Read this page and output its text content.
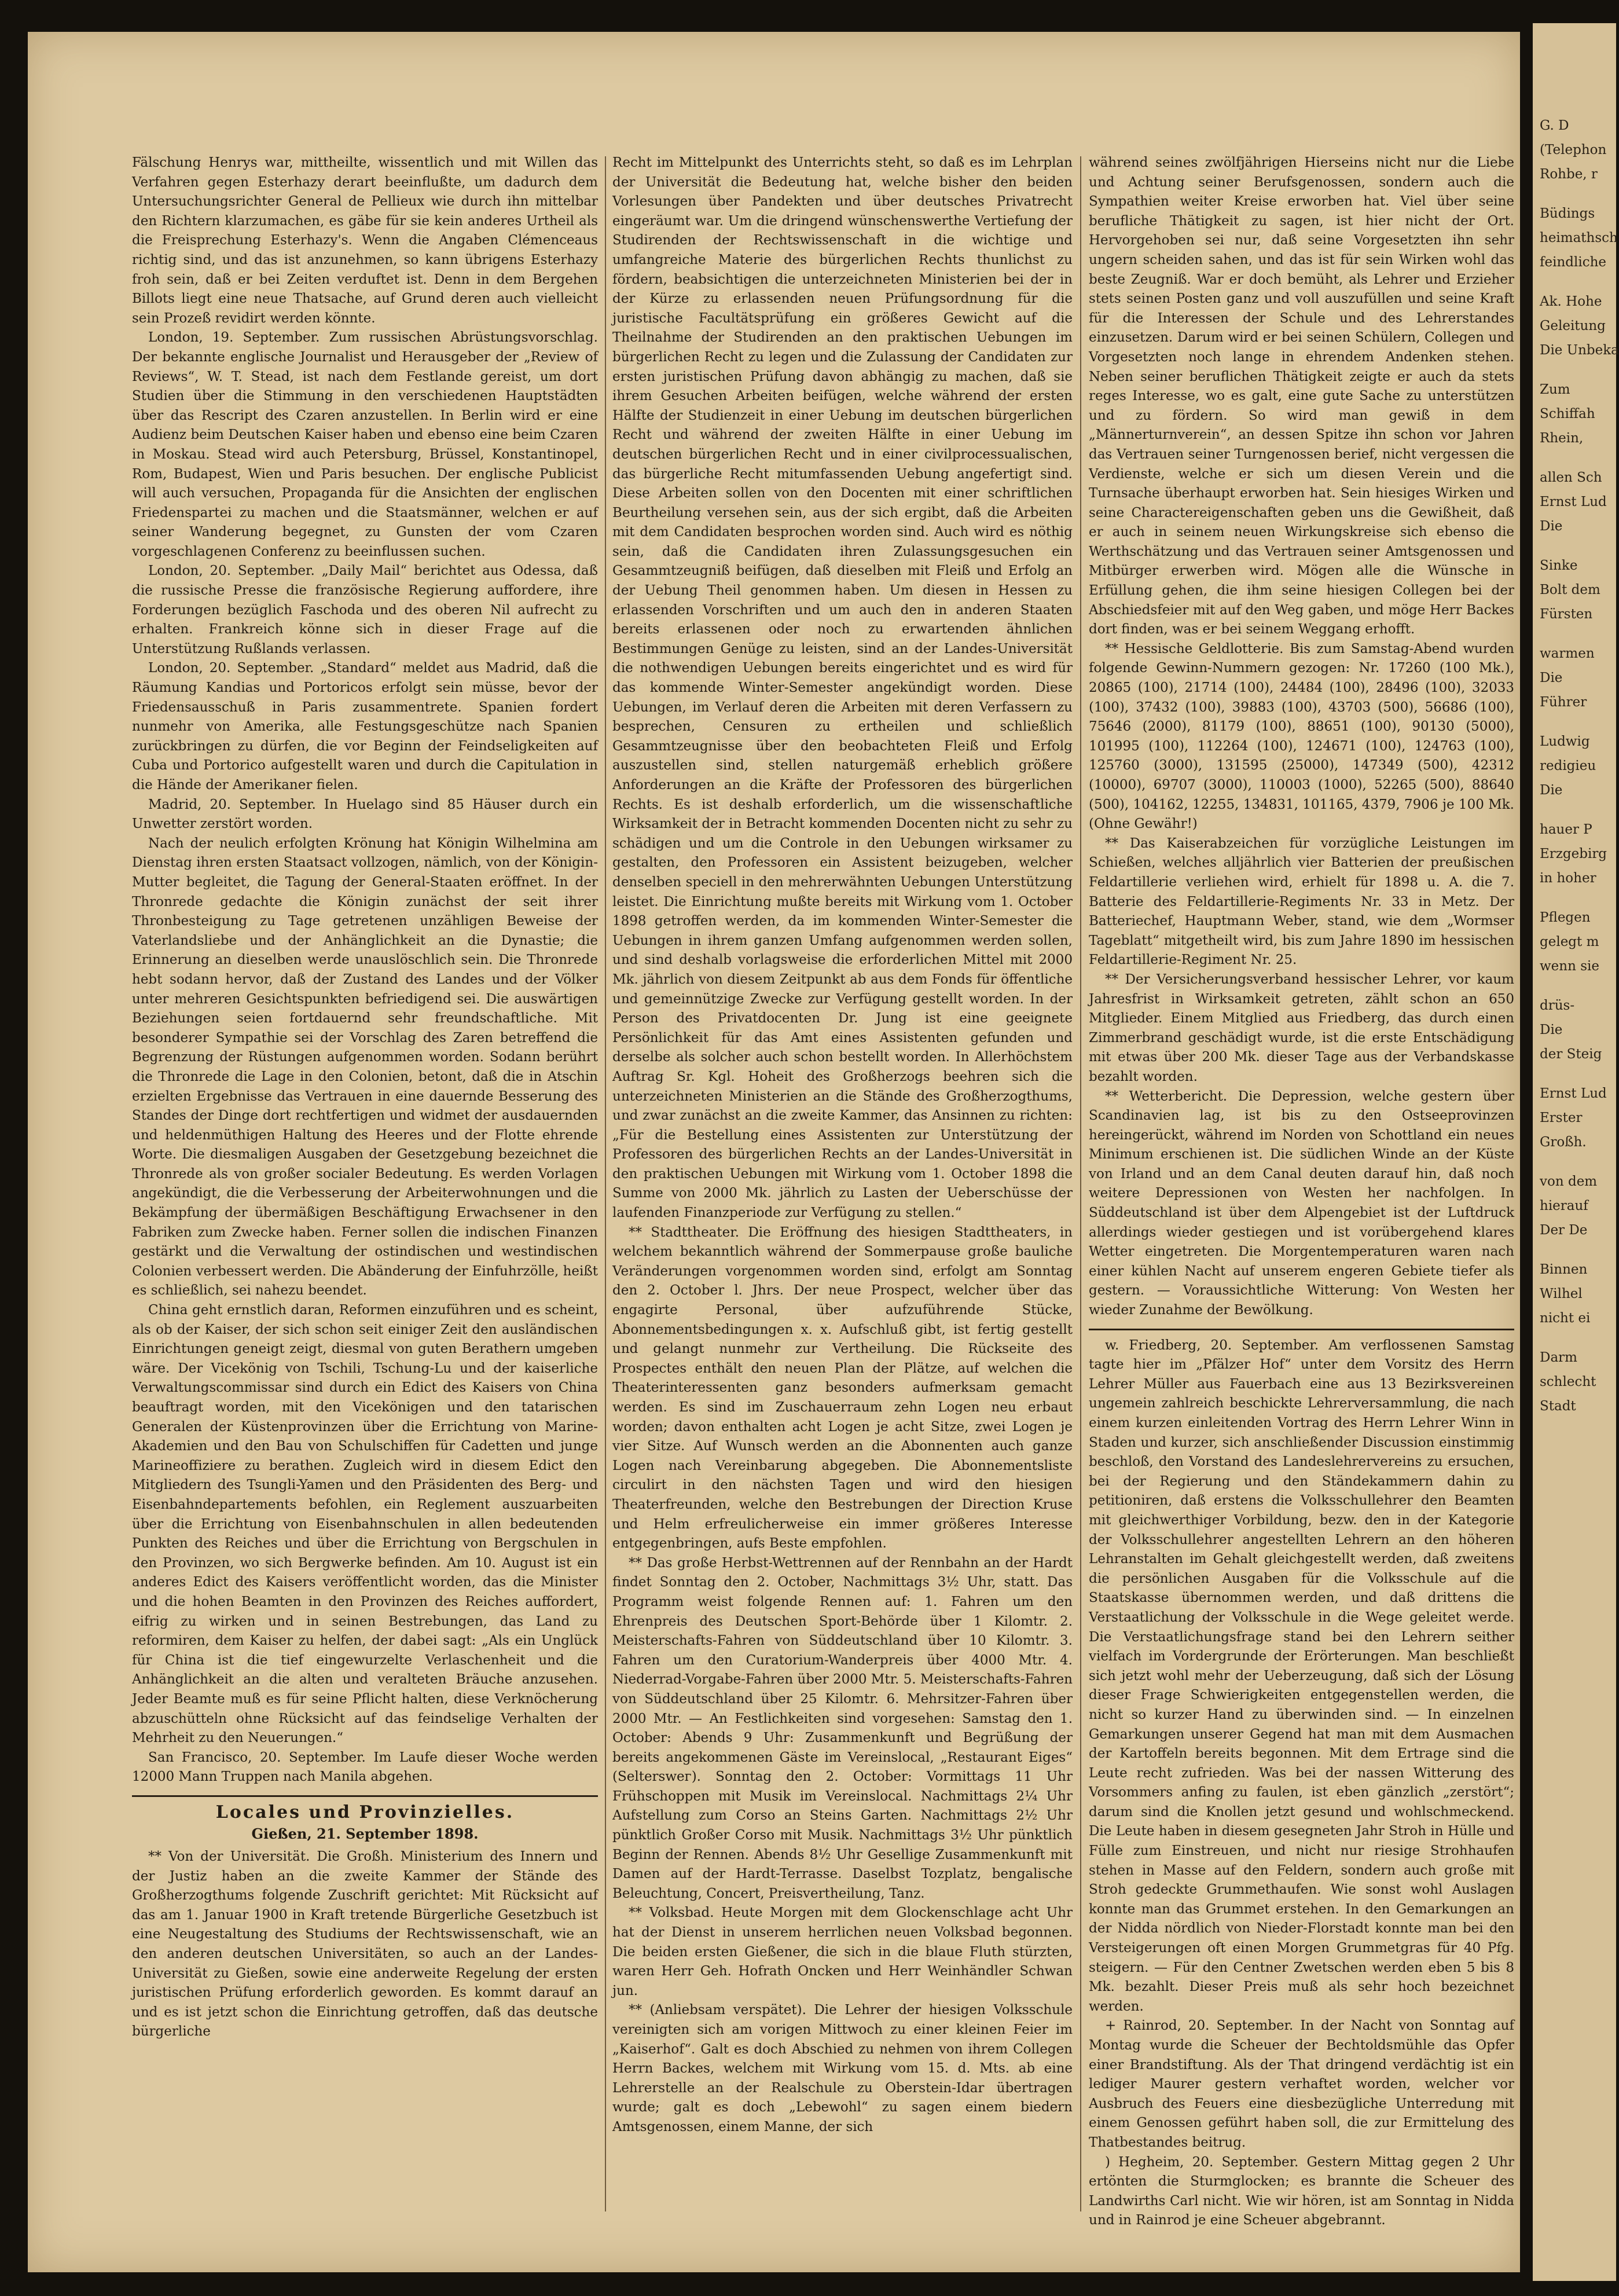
Fälschung Henrys war, mittheilte, wissentlich und mit Willen das Verfahren gegen Esterhazy derart beeinflußte, um dadurch dem Untersuchungsrichter General de Pellieux wie durch ihn mittelbar den Richtern klarzumachen, es gäbe für sie kein anderes Urtheil als die Freisprechung Esterhazy's. Wenn die Angaben Clémenceaus richtig sind, und das ist anzunehmen, so kann übrigens Esterhazy froh sein, daß er bei Zeiten verduftet ist. Denn in dem Bergehen Billots liegt eine neue Thatsache, auf Grund deren auch vielleicht sein Prozeß revidirt werden könnte.

London, 19. September. Zum russischen Abrüstungsvorschlag. Der bekannte englische Journalist und Herausgeber der „Review of Reviews“, W. T. Stead, ist nach dem Festlande gereist, um dort Studien über die Stimmung in den verschiedenen Hauptstädten über das Rescript des Czaren anzustellen. In Berlin wird er eine Audienz beim Deutschen Kaiser haben und ebenso eine beim Czaren in Moskau. Stead wird auch Petersburg, Brüssel, Konstantinopel, Rom, Budapest, Wien und Paris besuchen. Der englische Publicist will auch versuchen, Propaganda für die Ansichten der englischen Friedenspartei zu machen und die Staatsmänner, welchen er auf seiner Wanderung begegnet, zu Gunsten der vom Czaren vorgeschlagenen Conferenz zu beeinflussen suchen.

London, 20. September. „Daily Mail“ berichtet aus Odessa, daß die russische Presse die französische Regierung auffordere, ihre Forderungen bezüglich Faschoda und des oberen Nil aufrecht zu erhalten. Frankreich könne sich in dieser Frage auf die Unterstützung Rußlands verlassen.

London, 20. September. „Standard“ meldet aus Madrid, daß die Räumung Kandias und Portoricos erfolgt sein müsse, bevor der Friedensausschuß in Paris zusammentrete. Spanien fordert nunmehr von Amerika, alle Festungsgeschütze nach Spanien zurückbringen zu dürfen, die vor Beginn der Feindseligkeiten auf Cuba und Portorico aufgestellt waren und durch die Capitulation in die Hände der Amerikaner fielen.

Madrid, 20. September. In Huelago sind 85 Häuser durch ein Unwetter zerstört worden.

Nach der neulich erfolgten Krönung hat Königin Wilhelmina am Dienstag ihren ersten Staatsact vollzogen, nämlich, von der Königin-Mutter begleitet, die Tagung der General-Staaten eröffnet. In der Thronrede gedachte die Königin zunächst der seit ihrer Thronbesteigung zu Tage getretenen unzähligen Beweise der Vaterlandsliebe und der Anhänglichkeit an die Dynastie; die Erinnerung an dieselben werde unauslöschlich sein. Die Thronrede hebt sodann hervor, daß der Zustand des Landes und der Völker unter mehreren Gesichtspunkten befriedigend sei. Die auswärtigen Beziehungen seien fortdauernd sehr freundschaftliche. Mit besonderer Sympathie sei der Vorschlag des Zaren betreffend die Begrenzung der Rüstungen aufgenommen worden. Sodann berührt die Thronrede die Lage in den Colonien, betont, daß die in Atschin erzielten Ergebnisse das Vertrauen in eine dauernde Besserung des Standes der Dinge dort rechtfertigen und widmet der ausdauernden und heldenmüthigen Haltung des Heeres und der Flotte ehrende Worte. Die diesmaligen Ausgaben der Gesetzgebung bezeichnet die Thronrede als von großer socialer Bedeutung. Es werden Vorlagen angekündigt, die die Verbesserung der Arbeiterwohnungen und die Bekämpfung der übermäßigen Beschäftigung Erwachsener in den Fabriken zum Zwecke haben. Ferner sollen die indischen Finanzen gestärkt und die Verwaltung der ostindischen und westindischen Colonien verbessert werden. Die Abänderung der Einfuhrzölle, heißt es schließlich, sei nahezu beendet.

China geht ernstlich daran, Reformen einzuführen und es scheint, als ob der Kaiser, der sich schon seit einiger Zeit den ausländischen Einrichtungen geneigt zeigt, diesmal von guten Berathern umgeben wäre. Der Vicekönig von Tschili, Tschung-Lu und der kaiserliche Verwaltungscommissar sind durch ein Edict des Kaisers von China beauftragt worden, mit den Vicekönigen und den tatarischen Generalen der Küstenprovinzen über die Errichtung von Marine-Akademien und den Bau von Schulschiffen für Cadetten und junge Marineoffiziere zu berathen. Zugleich wird in diesem Edict den Mitgliedern des Tsungli-Yamen und den Präsidenten des Berg- und Eisenbahndepartements befohlen, ein Reglement auszuarbeiten über die Errichtung von Eisenbahnschulen in allen bedeutenden Punkten des Reiches und über die Errichtung von Bergschulen in den Provinzen, wo sich Bergwerke befinden. Am 10. August ist ein anderes Edict des Kaisers veröffentlicht worden, das die Minister und die hohen Beamten in den Provinzen des Reiches auffordert, eifrig zu wirken und in seinen Bestrebungen, das Land zu reformiren, dem Kaiser zu helfen, der dabei sagt: „Als ein Unglück für China ist die tief eingewurzelte Verlaschenheit und die Anhänglichkeit an die alten und veralteten Bräuche anzusehen. Jeder Beamte muß es für seine Pflicht halten, diese Verknöcherung abzuschütteln ohne Rücksicht auf das feindselige Verhalten der Mehrheit zu den Neuerungen.“

San Francisco, 20. September. Im Laufe dieser Woche werden 12000 Mann Truppen nach Manila abgehen.

Locales und Provinzielles.
Gießen, 21. September 1898.

** Von der Universität. Die Großh. Ministerium des Innern und der Justiz haben an die zweite Kammer der Stände des Großherzogthums folgende Zuschrift gerichtet: Mit Rücksicht auf das am 1. Januar 1900 in Kraft tretende Bürgerliche Gesetzbuch ist eine Neugestaltung des Studiums der Rechtswissenschaft, wie an den anderen deutschen Universitäten, so auch an der Landes-Universität zu Gießen, sowie eine anderweite Regelung der ersten juristischen Prüfung erforderlich geworden. Es kommt darauf an und es ist jetzt schon die Einrichtung getroffen, daß das deutsche bürgerliche

Recht im Mittelpunkt des Unterrichts steht, so daß es im Lehrplan der Universität die Bedeutung hat, welche bisher den beiden Vorlesungen über Pandekten und über deutsches Privatrecht eingeräumt war. Um die dringend wünschenswerthe Vertiefung der Studirenden der Rechtswissenschaft in die wichtige und umfangreiche Materie des bürgerlichen Rechts thunlichst zu fördern, beabsichtigen die unterzeichneten Ministerien bei der in der Kürze zu erlassenden neuen Prüfungsordnung für die juristische Facultätsprüfung ein größeres Gewicht auf die Theilnahme der Studirenden an den praktischen Uebungen im bürgerlichen Recht zu legen und die Zulassung der Candidaten zur ersten juristischen Prüfung davon abhängig zu machen, daß sie ihrem Gesuchen Arbeiten beifügen, welche während der ersten Hälfte der Studienzeit in einer Uebung im deutschen bürgerlichen Recht und während der zweiten Hälfte in einer Uebung im deutschen bürgerlichen Recht und in einer civilprocessualischen, das bürgerliche Recht mitumfassenden Uebung angefertigt sind. Diese Arbeiten sollen von den Docenten mit einer schriftlichen Beurtheilung versehen sein, aus der sich ergibt, daß die Arbeiten mit dem Candidaten besprochen worden sind. Auch wird es nöthig sein, daß die Candidaten ihren Zulassungsgesuchen ein Gesammtzeugniß beifügen, daß dieselben mit Fleiß und Erfolg an der Uebung Theil genommen haben. Um diesen in Hessen zu erlassenden Vorschriften und um auch den in anderen Staaten bereits erlassenen oder noch zu erwartenden ähnlichen Bestimmungen Genüge zu leisten, sind an der Landes-Universität die nothwendigen Uebungen bereits eingerichtet und es wird für das kommende Winter-Semester angekündigt worden. Diese Uebungen, im Verlauf deren die Arbeiten mit deren Verfassern zu besprechen, Censuren zu ertheilen und schließlich Gesammtzeugnisse über den beobachteten Fleiß und Erfolg auszustellen sind, stellen naturgemäß erheblich größere Anforderungen an die Kräfte der Professoren des bürgerlichen Rechts. Es ist deshalb erforderlich, um die wissenschaftliche Wirksamkeit der in Betracht kommenden Docenten nicht zu sehr zu schädigen und um die Controle in den Uebungen wirksamer zu gestalten, den Professoren ein Assistent beizugeben, welcher denselben speciell in den mehrerwähnten Uebungen Unterstützung leistet. Die Einrichtung mußte bereits mit Wirkung vom 1. October 1898 getroffen werden, da im kommenden Winter-Semester die Uebungen in ihrem ganzen Umfang aufgenommen werden sollen, und sind deshalb vorlagsweise die erforderlichen Mittel mit 2000 Mk. jährlich von diesem Zeitpunkt ab aus dem Fonds für öffentliche und gemeinnützige Zwecke zur Verfügung gestellt worden. In der Person des Privatdocenten Dr. Jung ist eine geeignete Persönlichkeit für das Amt eines Assistenten gefunden und derselbe als solcher auch schon bestellt worden. In Allerhöchstem Auftrag Sr. Kgl. Hoheit des Großherzogs beehren sich die unterzeichneten Ministerien an die Stände des Großherzogthums, und zwar zunächst an die zweite Kammer, das Ansinnen zu richten: „Für die Bestellung eines Assistenten zur Unterstützung der Professoren des bürgerlichen Rechts an der Landes-Universität in den praktischen Uebungen mit Wirkung vom 1. October 1898 die Summe von 2000 Mk. jährlich zu Lasten der Ueberschüsse der laufenden Finanzperiode zur Verfügung zu stellen.“

** Stadttheater. Die Eröffnung des hiesigen Stadttheaters, in welchem bekanntlich während der Sommerpause große bauliche Veränderungen vorgenommen worden sind, erfolgt am Sonntag den 2. October l. Jhrs. Der neue Prospect, welcher über das engagirte Personal, über aufzuführende Stücke, Abonnementsbedingungen x. x. Aufschluß gibt, ist fertig gestellt und gelangt nunmehr zur Vertheilung. Die Rückseite des Prospectes enthält den neuen Plan der Plätze, auf welchen die Theaterinteressenten ganz besonders aufmerksam gemacht werden. Es sind im Zuschauerraum zehn Logen neu erbaut worden; davon enthalten acht Logen je acht Sitze, zwei Logen je vier Sitze. Auf Wunsch werden an die Abonnenten auch ganze Logen nach Vereinbarung abgegeben. Die Abonnementsliste circulirt in den nächsten Tagen und wird den hiesigen Theaterfreunden, welche den Bestrebungen der Direction Kruse und Helm erfreulicherweise ein immer größeres Interesse entgegenbringen, aufs Beste empfohlen.

** Das große Herbst-Wettrennen auf der Rennbahn an der Hardt findet Sonntag den 2. October, Nachmittags 3½ Uhr, statt. Das Programm weist folgende Rennen auf: 1. Fahren um den Ehrenpreis des Deutschen Sport-Behörde über 1 Kilomtr. 2. Meisterschafts-Fahren von Süddeutschland über 10 Kilomtr. 3. Fahren um den Curatorium-Wanderpreis über 4000 Mtr. 4. Niederrad-Vorgabe-Fahren über 2000 Mtr. 5. Meisterschafts-Fahren von Süddeutschland über 25 Kilomtr. 6. Mehrsitzer-Fahren über 2000 Mtr. — An Festlichkeiten sind vorgesehen: Samstag den 1. October: Abends 9 Uhr: Zusammenkunft und Begrüßung der bereits angekommenen Gäste im Vereinslocal, „Restaurant Eiges“ (Selterswег). Sonntag den 2. October: Vormittags 11 Uhr Frühschoppen mit Musik im Vereinslocal. Nachmittags 2¼ Uhr Aufstellung zum Corso an Steins Garten. Nachmittags 2½ Uhr pünktlich Großer Corso mit Musik. Nachmittags 3½ Uhr pünktlich Beginn der Rennen. Abends 8½ Uhr Gesellige Zusammenkunft mit Damen auf der Hardt-Terrasse. Daselbst Tozplatz, bengalische Beleuchtung, Concert, Preisvertheilung, Tanz.

** Volksbad. Heute Morgen mit dem Glockenschlage acht Uhr hat der Dienst in unserem herrlichen neuen Volksbad begonnen. Die beiden ersten Gießener, die sich in die blaue Fluth stürzten, waren Herr Geh. Hofrath Oncken und Herr Weinhändler Schwan jun.

** (Anliebsam verspätet). Die Lehrer der hiesigen Volksschule vereinigten sich am vorigen Mittwoch zu einer kleinen Feier im „Kaiserhof“. Galt es doch Abschied zu nehmen von ihrem Collegen Herrn Backes, welchem mit Wirkung vom 15. d. Mts. ab eine Lehrerstelle an der Realschule zu Oberstein-Idar übertragen wurde; galt es doch „Lebewohl“ zu sagen einem biedern Amtsgenossen, einem Manne, der sich

während seines zwölfjährigen Hierseins nicht nur die Liebe und Achtung seiner Berufsgenossen, sondern auch die Sympathien weiter Kreise erworben hat. Viel über seine berufliche Thätigkeit zu sagen, ist hier nicht der Ort. Hervorgehoben sei nur, daß seine Vorgesetzten ihn sehr ungern scheiden sahen, und das ist für sein Wirken wohl das beste Zeugniß. War er doch bemüht, als Lehrer und Erzieher stets seinen Posten ganz und voll auszufüllen und seine Kraft für die Interessen der Schule und des Lehrerstandes einzusetzen. Darum wird er bei seinen Schülern, Collegen und Vorgesetzten noch lange in ehrendem Andenken stehen. Neben seiner beruflichen Thätigkeit zeigte er auch da stets reges Interesse, wo es galt, eine gute Sache zu unterstützen und zu fördern. So wird man gewiß in dem „Männerturnverein“, an dessen Spitze ihn schon vor Jahren das Vertrauen seiner Turngenossen berief, nicht vergessen die Verdienste, welche er sich um diesen Verein und die Turnsache überhaupt erworben hat. Sein hiesiges Wirken und seine Charactereigenschaften geben uns die Gewißheit, daß er auch in seinem neuen Wirkungskreise sich ebenso die Werthschätzung und das Vertrauen seiner Amtsgenossen und Mitbürger erwerben wird. Mögen alle die Wünsche in Erfüllung gehen, die ihm seine hiesigen Collegen bei der Abschiedsfeier mit auf den Weg gaben, und möge Herr Backes dort finden, was er bei seinem Weggang erhofft.

** Hessische Geldlotterie. Bis zum Samstag-Abend wurden folgende Gewinn-Nummern gezogen: Nr. 17260 (100 Mk.), 20865 (100), 21714 (100), 24484 (100), 28496 (100), 32033 (100), 37432 (100), 39883 (100), 43703 (500), 56686 (100), 75646 (2000), 81179 (100), 88651 (100), 90130 (5000), 101995 (100), 112264 (100), 124671 (100), 124763 (100), 125760 (3000), 131595 (25000), 147349 (500), 42312 (10000), 69707 (3000), 110003 (1000), 52265 (500), 88640 (500), 104162, 12255, 134831, 101165, 4379, 7906 je 100 Mk. (Ohne Gewähr!)

** Das Kaiserabzeichen für vorzügliche Leistungen im Schießen, welches alljährlich vier Batterien der preußischen Feldartillerie verliehen wird, erhielt für 1898 u. A. die 7. Batterie des Feldartillerie-Regiments Nr. 33 in Metz. Der Batteriechef, Hauptmann Weber, stand, wie dem „Wormser Tageblatt“ mitgetheilt wird, bis zum Jahre 1890 im hessischen Feldartillerie-Regiment Nr. 25.

** Der Versicherungsverband hessischer Lehrer, vor kaum Jahresfrist in Wirksamkeit getreten, zählt schon an 650 Mitglieder. Einem Mitglied aus Friedberg, das durch einen Zimmerbrand geschädigt wurde, ist die erste Entschädigung mit etwas über 200 Mk. dieser Tage aus der Verbandskasse bezahlt worden.

** Wetterbericht. Die Depression, welche gestern über Scandinavien lag, ist bis zu den Ostseeprovinzen hereingerückt, während im Norden von Schottland ein neues Minimum erschienen ist. Die südlichen Winde an der Küste von Irland und an dem Canal deuten darauf hin, daß noch weitere Depressionen von Westen her nachfolgen. In Süddeutschland ist über dem Alpengebiet ist der Luftdruck allerdings wieder gestiegen und ist vorübergehend klares Wetter eingetreten. Die Morgentemperaturen waren nach einer kühlen Nacht auf unserem engeren Gebiete tiefer als gestern. — Voraussichtliche Witterung: Von Westen her wieder Zunahme der Bewölkung.

w. Friedberg, 20. September. Am verflossenen Samstag tagte hier im „Pfälzer Hof“ unter dem Vorsitz des Herrn Lehrer Müller aus Fauerbach eine aus 13 Bezirksvereinen ungemein zahlreich beschickte Lehrerversammlung, die nach einem kurzen einleitenden Vortrag des Herrn Lehrer Winn in Staden und kurzer, sich anschließender Discussion einstimmig beschloß, den Vorstand des Landeslehrervereins zu ersuchen, bei der Regierung und den Ständekammern dahin zu petitioniren, daß erstens die Volksschullehrer den Beamten mit gleichwerthiger Vorbildung, bezw. den in der Kategorie der Volksschullehrer angestellten Lehrern an den höheren Lehranstalten im Gehalt gleichgestellt werden, daß zweitens die persönlichen Ausgaben für die Volksschule auf die Staatskasse übernommen werden, und daß drittens die Verstaatlichung der Volksschule in die Wege geleitet werde. Die Verstaatlichungsfrage stand bei den Lehrern seither vielfach im Vordergrunde der Erörterungen. Man beschließt sich jetzt wohl mehr der Ueberzeugung, daß sich der Lösung dieser Frage Schwierigkeiten entgegenstellen werden, die nicht so kurzer Hand zu überwinden sind. — In einzelnen Gemarkungen unserer Gegend hat man mit dem Ausmachen der Kartoffeln bereits begonnen. Mit dem Ertrage sind die Leute recht zufrieden. Was bei der nassen Witterung des Vorsommers anfing zu faulen, ist eben gänzlich „zerstört“; darum sind die Knollen jetzt gesund und wohlschmeckend. Die Leute haben in diesem gesegneten Jahr Stroh in Hülle und Fülle zum Einstreuen, und nicht nur riesige Strohhaufen stehen in Masse auf den Feldern, sondern auch große mit Stroh gedeckte Grummethaufen. Wie sonst wohl Auslagen konnte man das Grummet erstehen. In den Gemarkungen an der Nidda nördlich von Nieder-Florstadt konnte man bei den Versteigerungen oft einen Morgen Grummetgras für 40 Pfg. steigern. — Für den Centner Zwetschen werden eben 5 bis 8 Mk. bezahlt. Dieser Preis muß als sehr hoch bezeichnet werden.

+ Rainrod, 20. September. In der Nacht von Sonntag auf Montag wurde die Scheuer der Bechtoldsmühle das Opfer einer Brandstiftung. Als der That dringend verdächtig ist ein lediger Maurer gestern verhaftet worden, welcher vor Ausbruch des Feuers eine diesbezügliche Unterredung mit einem Genossen geführt haben soll, die zur Ermittelung des Thatbestandes beitrug.

) Hegheim, 20. September. Gestern Mittag gegen 2 Uhr ertönten die Sturmglocken; es brannte die Scheuer des Landwirths Carl nicht. Wie wir hören, ist am Sonntag in Nidda und in Rainrod je eine Scheuer abgebrannt.

G. D
(Telephon
Rohbe, r
Büdings
heimathsch
feindliche
Ak. Hohe
Geleitung
Die Unbeka
Zum
Schiffah
Rhein,
allen Sch
Ernst Lud
Die
Sinke
Bolt dem
Fürsten
warmen
Die
Führer
Ludwig
redigieu
Die
hauer P
Erzgebirg
in hoher
Pflegen
gelegt m
wenn sie
drüs-
Die
der Steig
Ernst Lud
Erster
Großh.
von dem
hierauf
Der De
Binnen
Wilhel
nicht ei
Darm
schlecht
Stadt
